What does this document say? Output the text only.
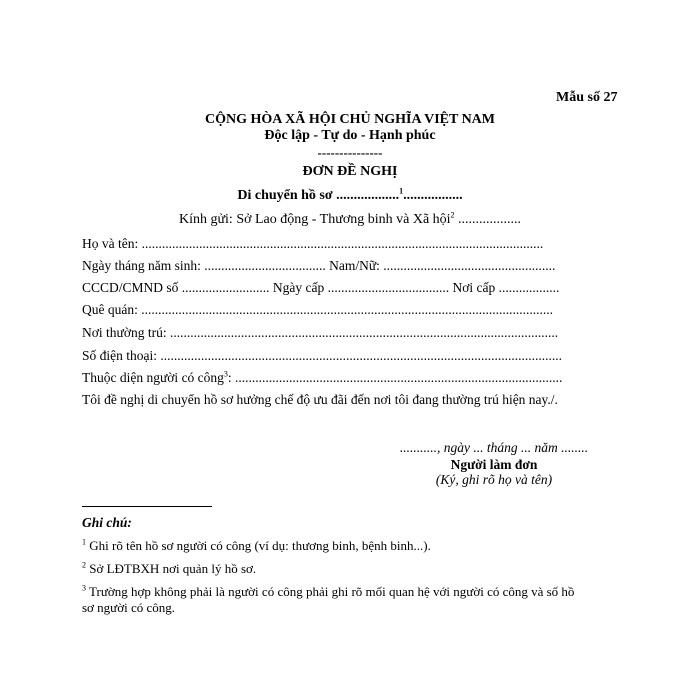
Mẫu số 27
CỘNG HÒA XÃ HỘI CHỦ NGHĨA VIỆT NAM
Độc lập - Tự do - Hạnh phúc
---------------
ĐƠN ĐỀ NGHỊ
Di chuyển hồ sơ ..................$^1$.................
Kính gửi: Sở Lao động - Thương binh và Xã hội$^2$ ..................
Họ và tên: .......................................................................................................................
Ngày tháng năm sinh: .................................... Nam/Nữ: ...................................................
CCCD/CMND số .......................... Ngày cấp .................................... Nơi cấp ..................
Quê quán: ..........................................................................................................................
Nơi thường trú: ...................................................................................................................
Số điện thoại: .......................................................................................................................
Thuộc diện người có công$^3$: .................................................................................................
Tôi đề nghị di chuyển hồ sơ hưởng chế độ ưu đãi đến nơi tôi đang thường trú hiện nay./.
..........., ngày ... tháng ... năm ........
Người làm đơn
(Ký, ghi rõ họ và tên)
Ghi chú:
$^1$ Ghi rõ tên hồ sơ người có công (ví dụ: thương binh, bệnh binh...).
$^2$ Sở LĐTBXH nơi quản lý hồ sơ.
$^3$ Trường hợp không phải là người có công phải ghi rõ mối quan hệ với người có công và số hồ
sơ người có công.
